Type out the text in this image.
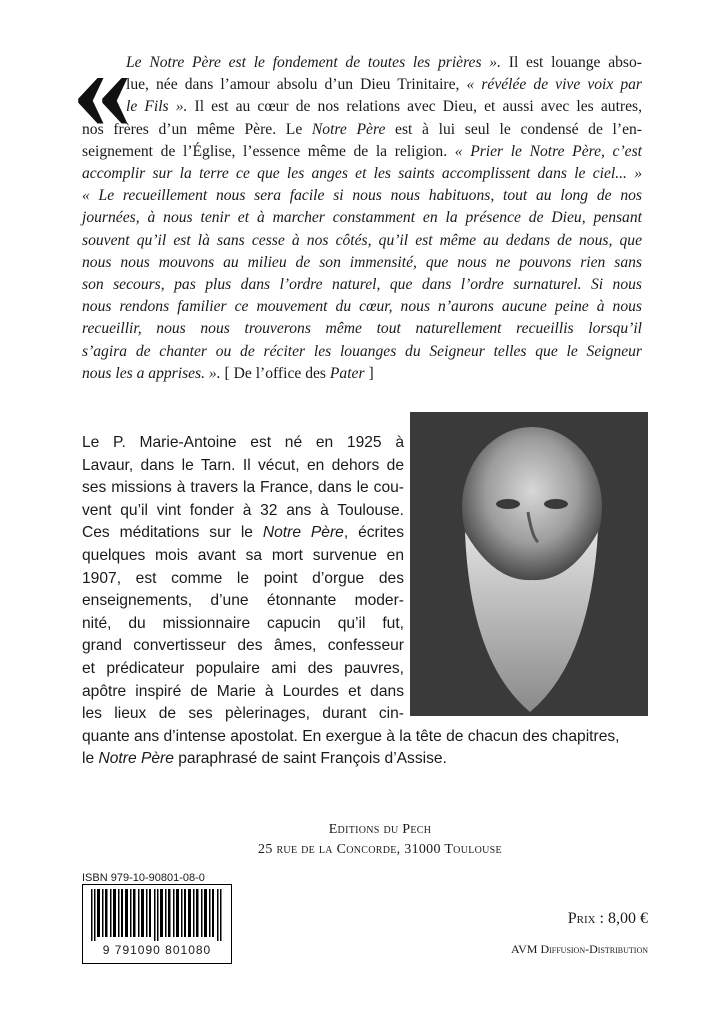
« Le Notre Père est le fondement de toutes les prières ». Il est louange abso-
lue, née dans l’amour absolu d’un Dieu Trinitaire, « révélée de vive voix par
le Fils ». Il est au cœur de nos relations avec Dieu, et aussi avec les autres,
nos frères d’un même Père. Le Notre Père est à lui seul le condensé de l’en-
seignement de l’Église, l’essence même de la religion. « Prier le Notre Père, c’est
accomplir sur la terre ce que les anges et les saints accomplissent dans le ciel... »
« Le recueillement nous sera facile si nous nous habituons, tout au long de nos
journées, à nous tenir et à marcher constamment en la présence de Dieu, pensant
souvent qu’il est là sans cesse à nos côtés, qu’il est même au dedans de nous, que
nous nous mouvons au milieu de son immensité, que nous ne pouvons rien sans
son secours, pas plus dans l’ordre naturel, que dans l’ordre surnaturel. Si nous
nous rendons familier ce mouvement du cœur, nous n’aurons aucune peine à nous
recueillir, nous nous trouverons même tout naturellement recueillis lorsqu’il
s’agira de chanter ou de réciter les louanges du Seigneur telles que le Seigneur
nous les a apprises. ». [ De l’office des Pater ]
Le P. Marie-Antoine est né en 1925 à
Lavaur, dans le Tarn. Il vécut, en dehors de
ses missions à travers la France, dans le cou-
vent qu’il vint fonder à 32 ans à Toulouse.
Ces méditations sur le Notre Père, écrites
quelques mois avant sa mort survenue en
1907, est comme le point d’orgue des
enseignements, d’une étonnante moder-
nité, du missionnaire capucin qu’il fut,
grand convertisseur des âmes, confesseur
et prédicateur populaire ami des pauvres,
apôtre inspiré de Marie à Lourdes et dans
les lieux de ses pèlerinages, durant cin-
quante ans d’intense apostolat. En exergue à la tête de chacun des chapitres,
le Notre Père paraphrasé de saint François d’Assise.
Editions du Pech
25 rue de la Concorde, 31000 Toulouse
ISBN 979-10-90801-08-0
9 791090 801080
Prix : 8,00 €
AVM Diffusion-Distribution
